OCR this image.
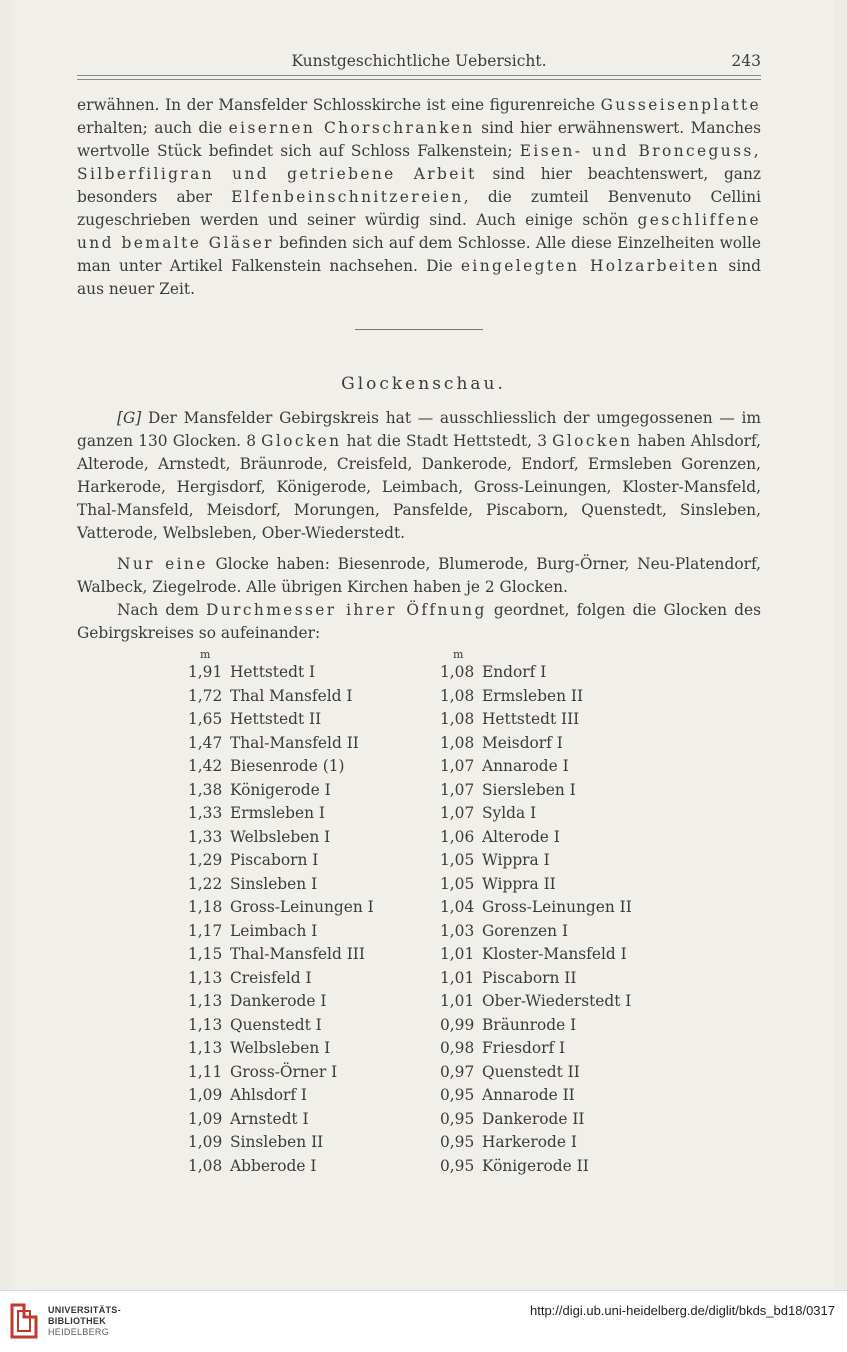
Kunstgeschichtliche Uebersicht.	243

erwähnen. In der Mansfelder Schlosskirche ist eine figurenreiche Gusseisenplatte erhalten; auch die eisernen Chorschranken sind hier erwähnenswert. Manches wertvolle Stück befindet sich auf Schloss Falkenstein; Eisen- und Bronceguss, Silberfiligran und getriebene Arbeit sind hier beachtenswert, ganz besonders aber Elfenbeinschnitzereien, die zumteil Benvenuto Cellini zugeschrieben werden und seiner würdig sind. Auch einige schön geschliffene und bemalte Gläser befinden sich auf dem Schlosse. Alle diese Einzelheiten wolle man unter Artikel Falkenstein nachsehen. Die eingelegten Holzarbeiten sind aus neuer Zeit.

Glockenschau.

[G] Der Mansfelder Gebirgskreis hat — ausschliesslich der umgegossenen — im ganzen 130 Glocken. 8 Glocken hat die Stadt Hettstedt, 3 Glocken haben Ahlsdorf, Alterode, Arnstedt, Bräunrode, Creisfeld, Dankerode, Endorf, Ermsleben Gorenzen, Harkerode, Hergisdorf, Königerode, Leimbach, Gross-Leinungen, Kloster-Mansfeld, Thal-Mansfeld, Meisdorf, Morungen, Pansfelde, Piscaborn, Quenstedt, Sinsleben, Vatterode, Welbsleben, Ober-Wiederstedt.

Nur eine Glocke haben: Biesenrode, Blumerode, Burg-Örner, Neu-Platendorf, Walbeck, Ziegelrode. Alle übrigen Kirchen haben je 2 Glocken.

Nach dem Durchmesser ihrer Öffnung geordnet, folgen die Glocken des Gebirgskreises so aufeinander:

m	m
1,91 Hettstedt I
1,72 Thal Mansfeld I
1,65 Hettstedt II
1,47 Thal-Mansfeld II
1,42 Biesenrode (1)
1,38 Königerode I
1,33 Ermsleben I
1,33 Welbsleben I
1,29 Piscaborn I
1,22 Sinsleben I
1,18 Gross-Leinungen I
1,17 Leimbach I
1,15 Thal-Mansfeld III
1,13 Creisfeld I
1,13 Dankerode I
1,13 Quenstedt I
1,13 Welbsleben I
1,11 Gross-Örner I
1,09 Ahlsdorf I
1,09 Arnstedt I
1,09 Sinsleben II
1,08 Abberode I
1,08 Endorf I
1,08 Ermsleben II
1,08 Hettstedt III
1,08 Meisdorf I
1,07 Annarode I
1,07 Siersleben I
1,07 Sylda I
1,06 Alterode I
1,05 Wippra I
1,05 Wippra II
1,04 Gross-Leinungen II
1,03 Gorenzen I
1,01 Kloster-Mansfeld I
1,01 Piscaborn II
1,01 Ober-Wiederstedt I
0,99 Bräunrode I
0,98 Friesdorf I
0,97 Quenstedt II
0,95 Annarode II
0,95 Dankerode II
0,95 Harkerode I
0,95 Königerode II
UNIVERSITÄTS-
BIBLIOTHEK
HEIDELBERG
http://digi.ub.uni-heidelberg.de/diglit/bkds_bd18/0317
